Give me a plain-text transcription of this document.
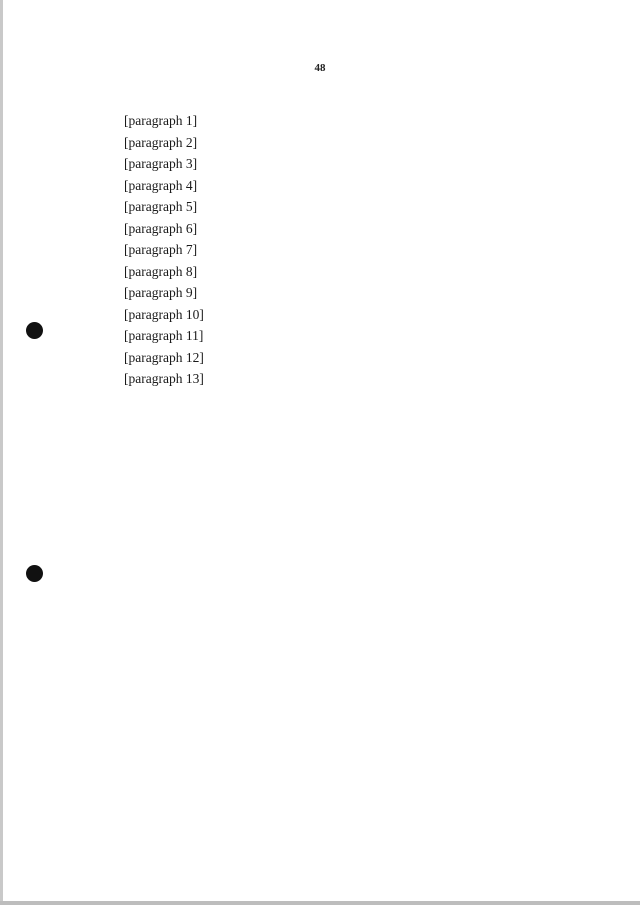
48

[paragraph 1]

[paragraph 2]

[paragraph 3]

[paragraph 4]

[paragraph 5]

[paragraph 6]

[paragraph 7]

[paragraph 8]

[paragraph 9]

[paragraph 10]

[paragraph 11]

[paragraph 12]

[paragraph 13]
